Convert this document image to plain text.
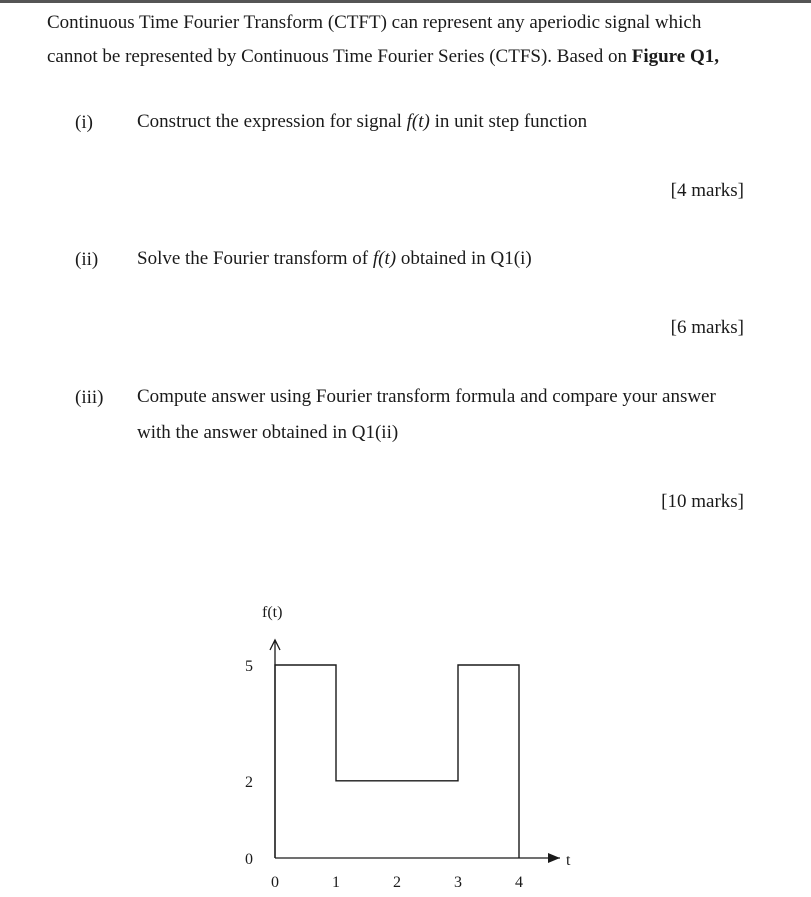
Continuous Time Fourier Transform (CTFT) can represent any aperiodic signal which
cannot be represented by Continuous Time Fourier Series (CTFS). Based on Figure Q1,
(i) Construct the expression for signal f(t) in unit step function
[4 marks]
(ii) Solve the Fourier transform of f(t) obtained in Q1(i)
[6 marks]
(iii) Compute answer using Fourier transform formula and compare your answer
with the answer obtained in Q1(ii)
[10 marks]
f(t)
t
0	1	2	3	4
5
2
0
